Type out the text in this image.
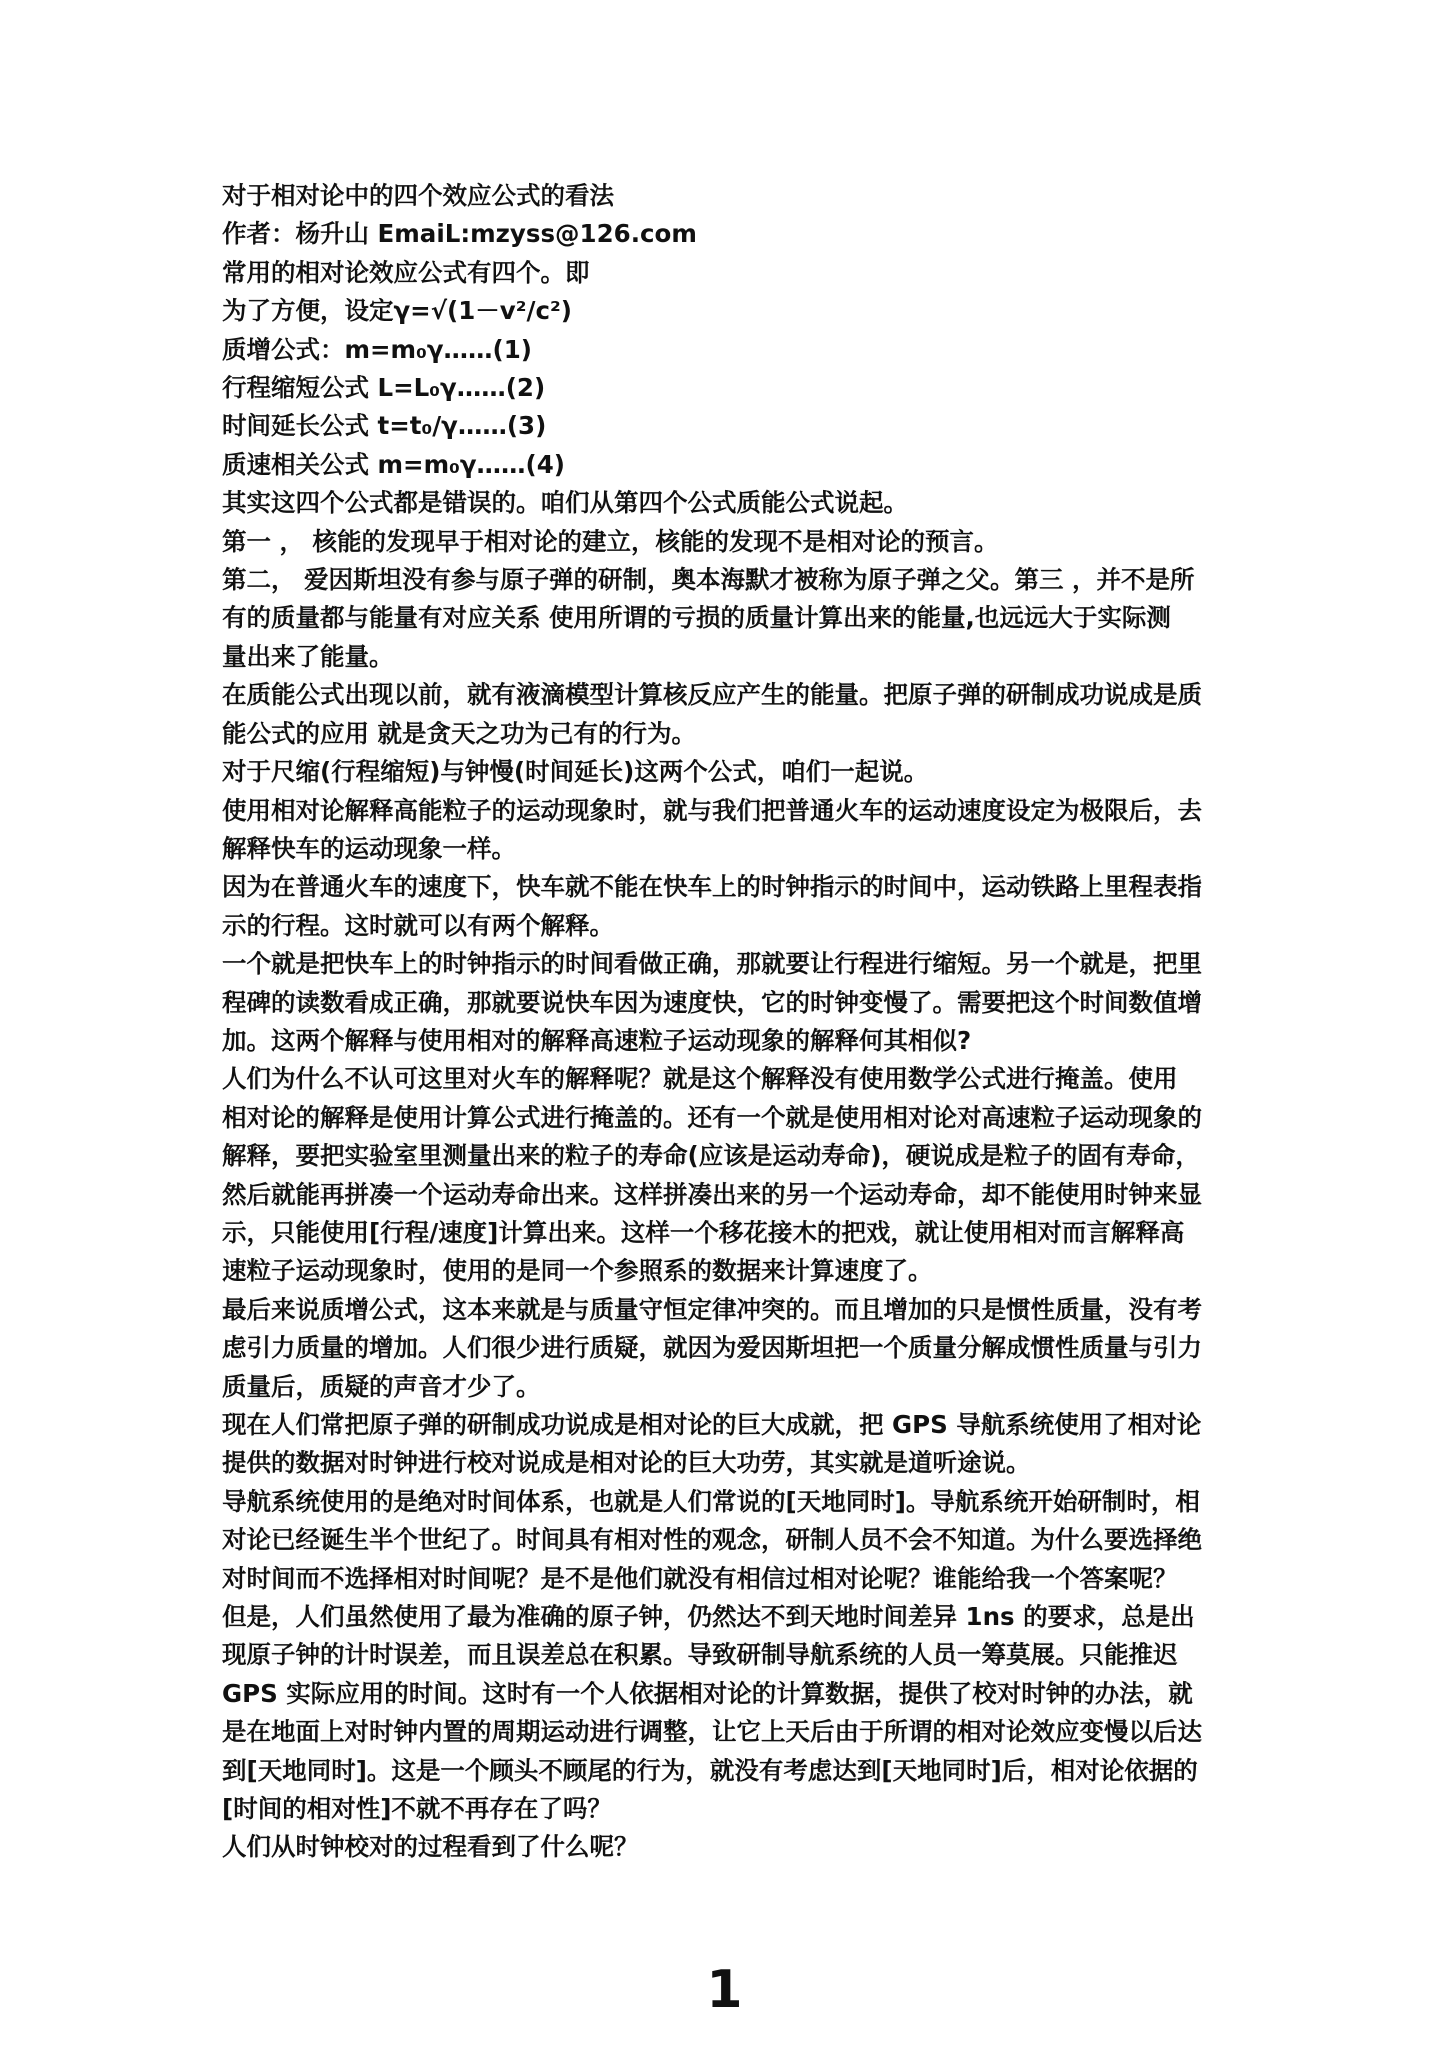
对于相对论中的四个效应公式的看法

作者：杨升山 EmaiL:mzyss@126.com

常用的相对论效应公式有四个。即

为了方便，设定γ=√(1－v²/c²)

质增公式：m=m₀γ……(1)

行程缩短公式 L=L₀γ……(2)

时间延长公式 t=t₀/γ……(3)

质速相关公式 m=m₀γ……(4)

其实这四个公式都是错误的。咱们从第四个公式质能公式说起。

第一 ， 核能的发现早于相对论的建立，核能的发现不是相对论的预言。

第二， 爱因斯坦没有参与原子弹的研制，奥本海默才被称为原子弹之父。第三 ，并不是所

有的质量都与能量有对应关系 使用所谓的亏损的质量计算出来的能量,也远远大于实际测

量出来了能量。

在质能公式出现以前，就有液滴模型计算核反应产生的能量。把原子弹的研制成功说成是质

能公式的应用 就是贪天之功为己有的行为。

对于尺缩(行程缩短)与钟慢(时间延长)这两个公式，咱们一起说。

使用相对论解释高能粒子的运动现象时，就与我们把普通火车的运动速度设定为极限后，去

解释快车的运动现象一样。

因为在普通火车的速度下，快车就不能在快车上的时钟指示的时间中，运动铁路上里程表指

示的行程。这时就可以有两个解释。

一个就是把快车上的时钟指示的时间看做正确，那就要让行程进行缩短。另一个就是，把里

程碑的读数看成正确，那就要说快车因为速度快，它的时钟变慢了。需要把这个时间数值增

加。这两个解释与使用相对的解释高速粒子运动现象的解释何其相似?

人们为什么不认可这里对火车的解释呢？就是这个解释没有使用数学公式进行掩盖。使用

相对论的解释是使用计算公式进行掩盖的。还有一个就是使用相对论对高速粒子运动现象的

解释，要把实验室里测量出来的粒子的寿命(应该是运动寿命)，硬说成是粒子的固有寿命，

然后就能再拼凑一个运动寿命出来。这样拼凑出来的另一个运动寿命，却不能使用时钟来显

示，只能使用[行程/速度]计算出来。这样一个移花接木的把戏，就让使用相对而言解释高

速粒子运动现象时，使用的是同一个参照系的数据来计算速度了。

最后来说质增公式，这本来就是与质量守恒定律冲突的。而且增加的只是惯性质量，没有考

虑引力质量的增加。人们很少进行质疑，就因为爱因斯坦把一个质量分解成惯性质量与引力

质量后，质疑的声音才少了。

现在人们常把原子弹的研制成功说成是相对论的巨大成就，把 GPS 导航系统使用了相对论

提供的数据对时钟进行校对说成是相对论的巨大功劳，其实就是道听途说。

导航系统使用的是绝对时间体系，也就是人们常说的[天地同时]。导航系统开始研制时，相

对论已经诞生半个世纪了。时间具有相对性的观念，研制人员不会不知道。为什么要选择绝

对时间而不选择相对时间呢？是不是他们就没有相信过相对论呢？谁能给我一个答案呢？

但是，人们虽然使用了最为准确的原子钟，仍然达不到天地时间差异 1ns 的要求，总是出

现原子钟的计时误差，而且误差总在积累。导致研制导航系统的人员一筹莫展。只能推迟

GPS 实际应用的时间。这时有一个人依据相对论的计算数据，提供了校对时钟的办法，就

是在地面上对时钟内置的周期运动进行调整，让它上天后由于所谓的相对论效应变慢以后达

到[天地同时]。这是一个顾头不顾尾的行为，就没有考虑达到[天地同时]后，相对论依据的

[时间的相对性]不就不再存在了吗？

人们从时钟校对的过程看到了什么呢？

1
